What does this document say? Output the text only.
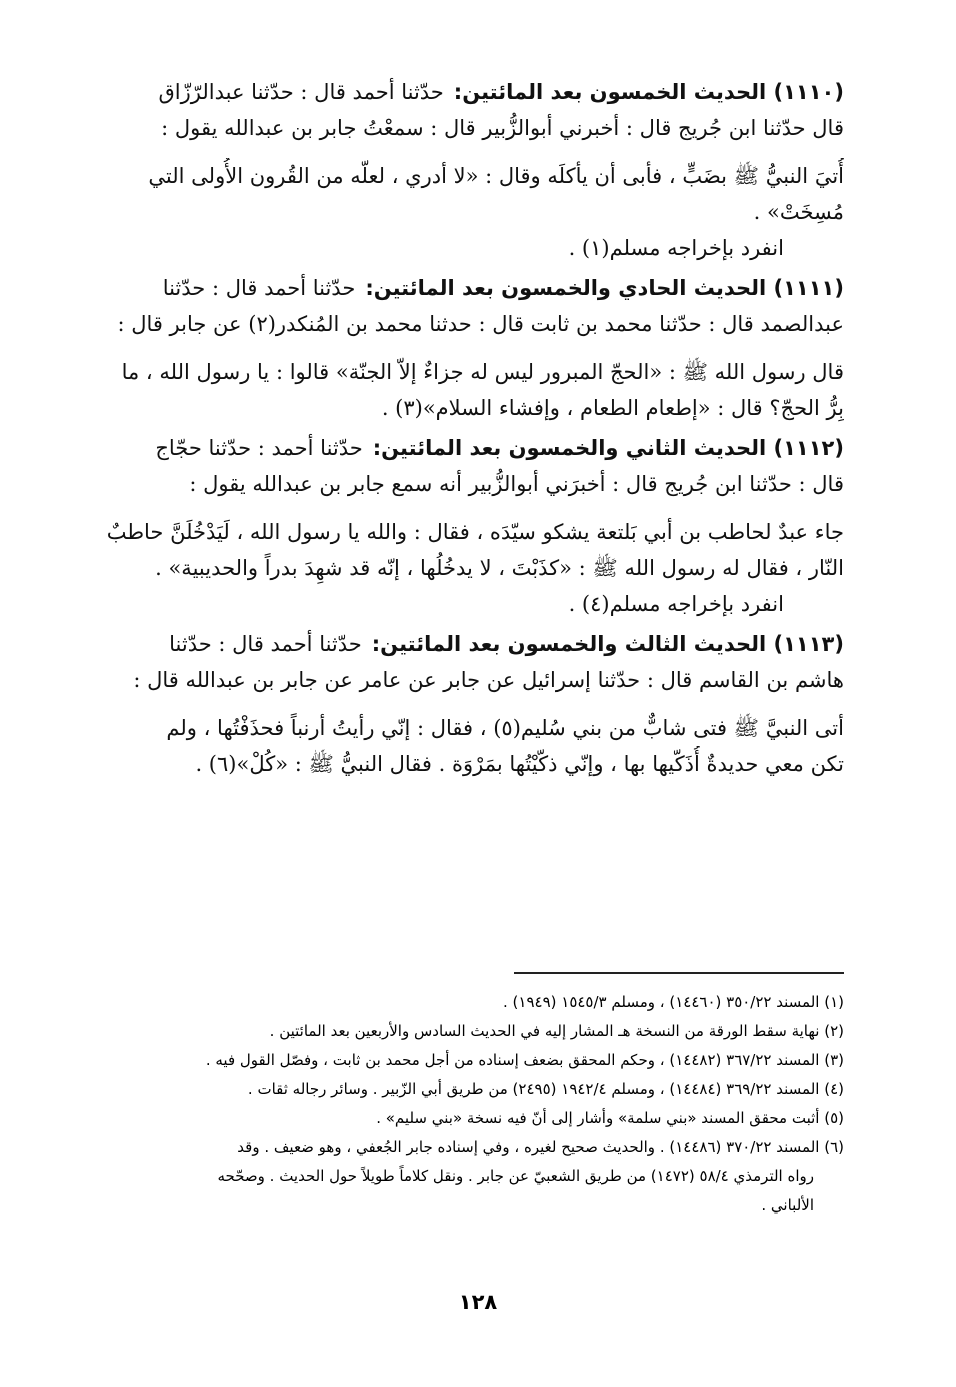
(١١١٠) الحديث الخمسون بعد المائتين:حدّثنا أحمد قال : حدّثنا عبدالرّزّاق

قال حدّثنا ابن جُريج قال : أخبرني أبوالزُّبير قال : سمعْتُ جابر بن عبدالله يقول :

أُتيَ النبيُّ ﷺ بضَبٍّ ، فأبى أن يأكلَه وقال : «لا أدري ، لعلّه من القُرون الأُولى التي

مُسِخَتْ» .

انفرد بإخراجه مسلم(١) .

(١١١١) الحديث الحادي والخمسون بعد المائتين:حدّثنا أحمد قال : حدّثنا

عبدالصمد قال : حدّثنا محمد بن ثابت قال : حدثنا محمد بن المُنكدر(٢) عن جابر قال :

قال رسول الله ﷺ : «الحجّ المبرور ليس له جزاءٌ إلاّ الجنّة» قالوا : يا رسول الله ، ما

بِرُّ الحجّ؟ قال : «إطعام الطعام ، وإفشاء السلام»(٣) .

(١١١٢) الحديث الثاني والخمسون بعد المائتين:حدّثنا أحمد : حدّثنا حجّاج

قال : حدّثنا ابن جُريج قال : أخبرَني أبوالزُّبير أنه سمع جابر بن عبدالله يقول :

جاء عبدٌ لحاطب بن أبي بَلتعة يشكو سيّدَه ، فقال : والله يا رسول الله ، لَيَدْخُلَنَّ حاطبٌ

النّار ، فقال له رسول الله ﷺ : «كذَبْتَ ، لا يدخُلُها ، إنّه قد شهِدَ بدراً والحديبية» .

انفرد بإخراجه مسلم(٤) .

(١١١٣) الحديث الثالث والخمسون بعد المائتين:حدّثنا أحمد قال : حدّثنا

هاشم بن القاسم قال : حدّثنا إسرائيل عن جابر عن عامر عن جابر بن عبدالله قال :

أتى النبيَّ ﷺ فتى شابٌّ من بني سُليم(٥) ، فقال : إنّي رأيتُ أرنباً فحذَفْتُها ، ولم

تكن معي حديدةٌ أُذَكّيها بها ، وإنّي ذكّيْتُها بمَرْوَة . فقال النبيُّ ﷺ : «كُلْ»(٦) .

(١) المسند ٣٥٠/٢٢ (١٤٤٦٠) ، ومسلم ١٥٤٥/٣ (١٩٤٩) .

(٢) نهاية سقط الورقة من النسخة هـ المشار إليه في الحديث السادس والأربعين بعد المائتين .

(٣) المسند ٣٦٧/٢٢ (١٤٤٨٢) ، وحكم المحقق بضعف إسناده من أجل محمد بن ثابت ، وفصّل القول فيه .

(٤) المسند ٣٦٩/٢٢ (١٤٤٨٤) ، ومسلم ١٩٤٢/٤ (٢٤٩٥) من طريق أبي الزّبير . وسائر رجاله ثقات .

(٥) أثبت محقق المسند «بني سلمة» وأشار إلى أنّ فيه نسخة «بني سليم» .

(٦) المسند ٣٧٠/٢٢ (١٤٤٨٦) . والحديث صحيح لغيره ، وفي إسناده جابر الجُعفي ، وهو ضعيف . وقد

رواه الترمذي ٥٨/٤ (١٤٧٢) من طريق الشعبيّ عن جابر . ونقل كلاماً طويلاً حول الحديث . وصحّحه

الألباني .

١٢٨
